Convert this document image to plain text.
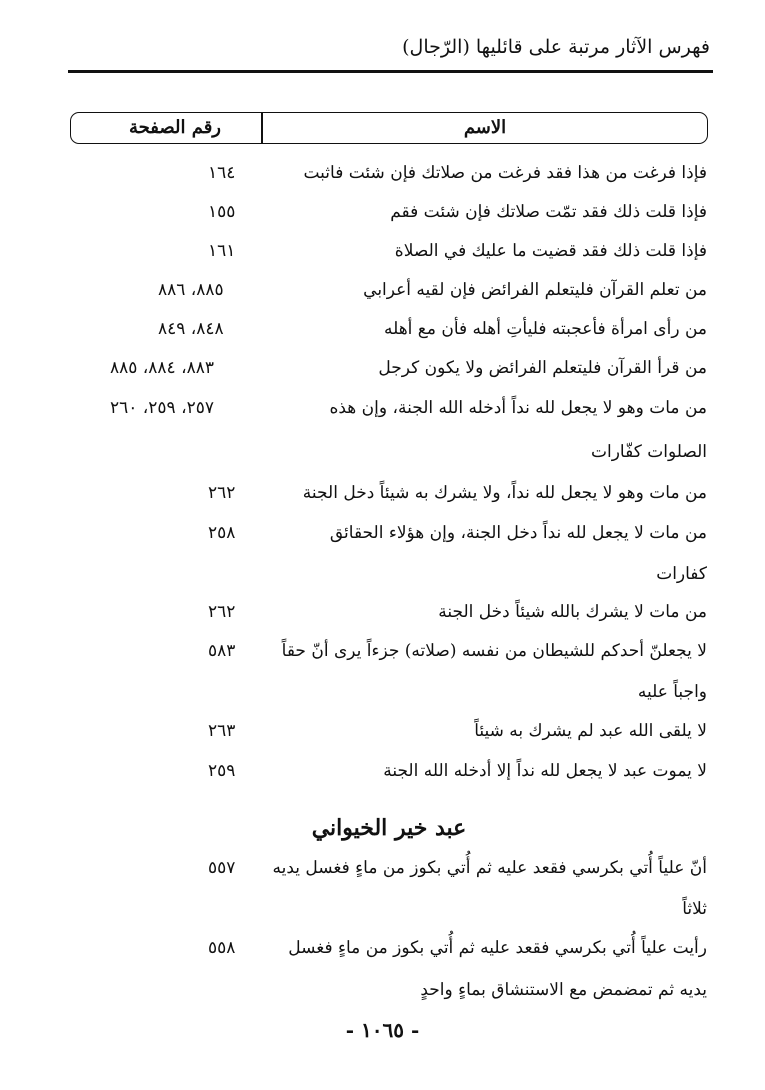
فهرس الآثار مرتبة على قائليها (الرّجال)
الاسم
رقم الصفحة
فإذا فرغت من هذا فقد فرغت من صلاتك فإن شئت فاثبت
١٦٤
فإذا قلت ذلك فقد تمّت صلاتك فإن شئت فقم
١٥٥
فإذا قلت ذلك فقد قضيت ما عليك في الصلاة
١٦١
من تعلم القرآن فليتعلم الفرائض فإن لقيه أعرابي
٨٨٥، ٨٨٦
من رأى امرأة فأعجبته فليأتِ أهله فأن مع أهله
٨٤٨، ٨٤٩
من قرأ القرآن فليتعلم الفرائض ولا يكون كرجل
٨٨٣، ٨٨٤، ٨٨٥
من مات وهو لا يجعل لله نداً أدخله الله الجنة، وإن هذه
٢٥٧، ٢٥٩، ٢٦٠
الصلوات كفّارات
من مات وهو لا يجعل لله نداً، ولا يشرك به شيئاً دخل الجنة
٢٦٢
من مات لا يجعل لله نداً دخل الجنة، وإن هؤلاء الحقائق
٢٥٨
كفارات
من مات لا يشرك بالله شيئاً دخل الجنة
٢٦٢
لا يجعلنّ أحدكم للشيطان من نفسه (صلاته) جزءاً يرى أنّ حقاً
٥٨٣
واجباً عليه
لا يلقى الله عبد لم يشرك به شيئاً
٢٦٣
لا يموت عبد لا يجعل لله نداً إلا أدخله الله الجنة
٢٥٩
عبد خير الخيواني
أنّ علياً أُتي بكرسي فقعد عليه ثم أُتي بكوز من ماءٍ فغسل يديه
٥٥٧
ثلاثاً
رأيت علياً أُتي بكرسي فقعد عليه ثم أُتي بكوز من ماءٍ فغسل
٥٥٨
يديه ثم تمضمض مع الاستنشاق بماءٍ واحدٍ
- ١٠٦٥ -
